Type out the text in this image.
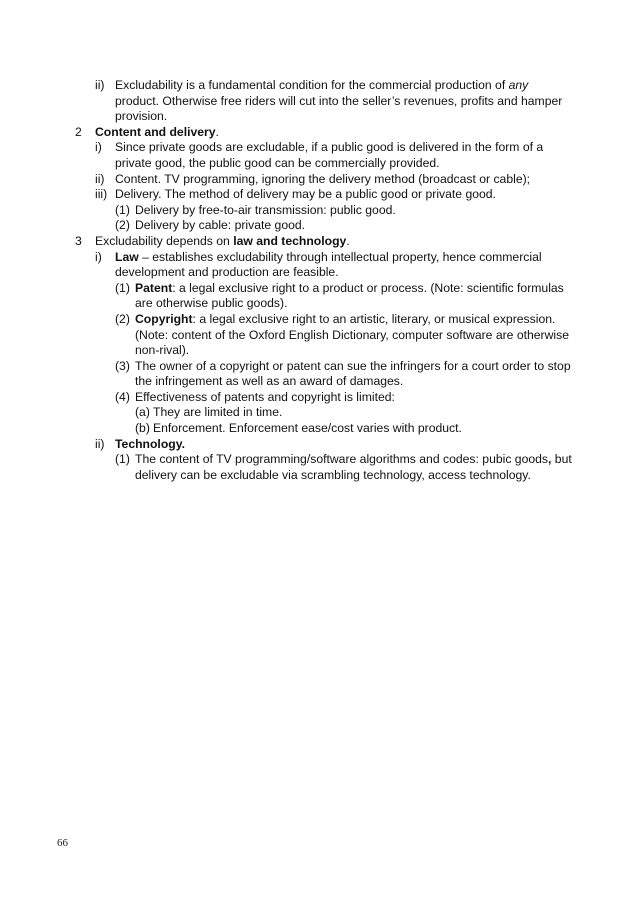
ii) Excludability is a fundamental condition for the commercial production of any product. Otherwise free riders will cut into the seller’s revenues, profits and hamper provision.
2	Content and delivery.
i)	Since private goods are excludable, if a public good is delivered in the form of a private good, the public good can be commercially provided.
ii) Content. TV programming, ignoring the delivery method (broadcast or cable);
iii) Delivery. The method of delivery may be a public good or private good.
(1) Delivery by free-to-air transmission: public good.
(2) Delivery by cable: private good.
3	Excludability depends on law and technology.
i)	Law – establishes excludability through intellectual property, hence commercial development and production are feasible.
(1) Patent: a legal exclusive right to a product or process. (Note: scientific formulas are otherwise public goods).
(2) Copyright: a legal exclusive right to an artistic, literary, or musical expression. (Note: content of the Oxford English Dictionary, computer software are otherwise non-rival).
(3) The owner of a copyright or patent can sue the infringers for a court order to stop the infringement as well as an award of damages.
(4) Effectiveness of patents and copyright is limited:
(a) They are limited in time.
(b) Enforcement. Enforcement ease/cost varies with product.
ii) Technology.
(1) The content of TV programming/software algorithms and codes: pubic goods, but delivery can be excludable via scrambling technology, access technology.
66
